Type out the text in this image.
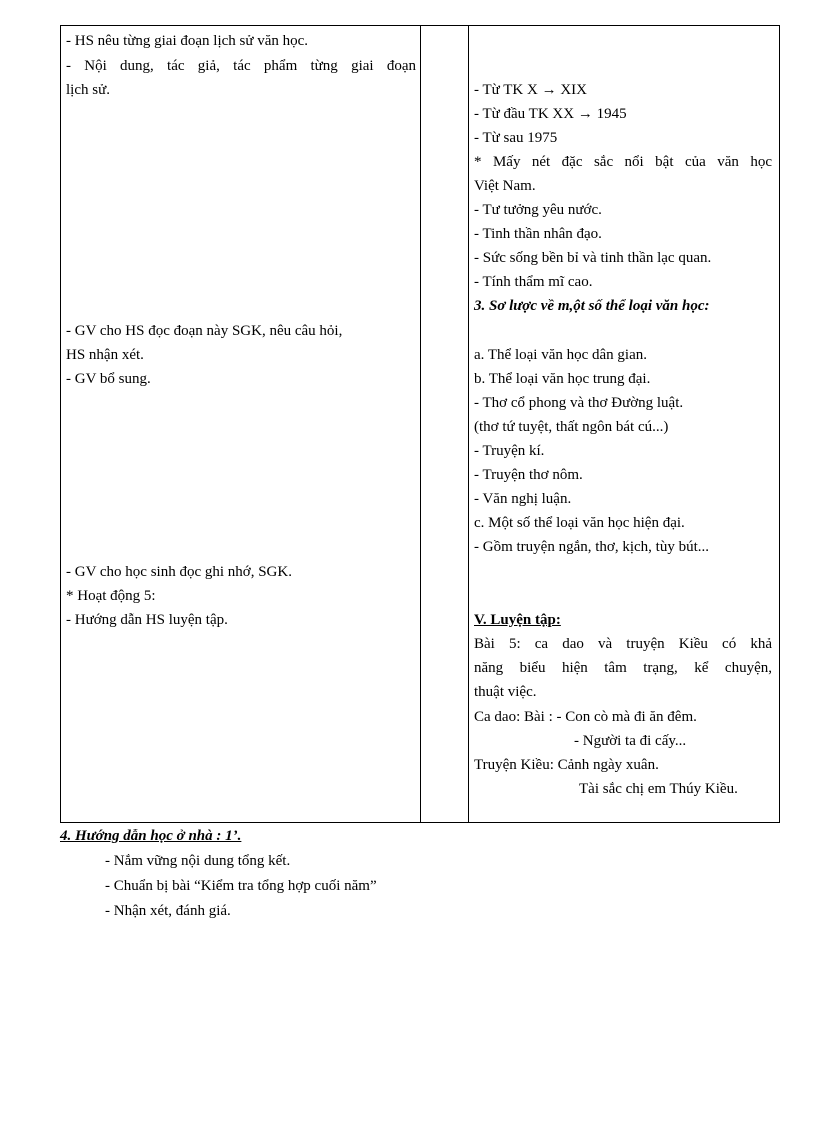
- HS nêu từng giai đoạn lịch sử văn học.
- Nội dung, tác giả, tác phẩm từng giai đoạn
lịch sử.
- GV cho HS đọc đoạn này SGK, nêu câu hỏi,
HS nhận xét.
- GV bổ sung.
- GV cho học sinh đọc ghi nhớ, SGK.
* Hoạt động 5:
- Hướng dẫn HS luyện tập.
- Từ TK X → XIX
- Từ đầu TK XX → 1945
- Từ sau 1975
* Mấy nét đặc sắc nổi bật của văn học
Việt Nam.
- Tư tưởng yêu nước.
- Tinh thần nhân đạo.
- Sức sống bền bỉ và tinh thần lạc quan.
- Tính thẩm mĩ cao.
3. Sơ lược về m,ột số thể loại văn học:
a. Thể loại văn học dân gian.
b. Thể loại văn học trung đại.
- Thơ cổ phong và thơ Đường luật.
(thơ tứ tuyệt, thất ngôn bát cú...)
- Truyện kí.
- Truyện thơ nôm.
- Văn nghị luận.
c. Một số thể loại văn học hiện đại.
- Gồm truyện ngắn, thơ, kịch, tùy bút...
V. Luyện tập:
Bài 5: ca dao và truyện Kiều có khả
năng biểu hiện tâm trạng, kể chuyện,
thuật việc.
Ca dao: Bài : - Con cò mà đi ăn đêm.
- Người ta đi cấy...
Truyện Kiều: Cảnh ngày xuân.
Tài sắc chị em Thúy Kiều.
4. Hướng dẫn học ở nhà : 1’.
- Nắm vững nội dung tổng kết.
- Chuẩn bị bài “Kiểm tra tổng hợp cuối năm”
- Nhận xét, đánh giá.
